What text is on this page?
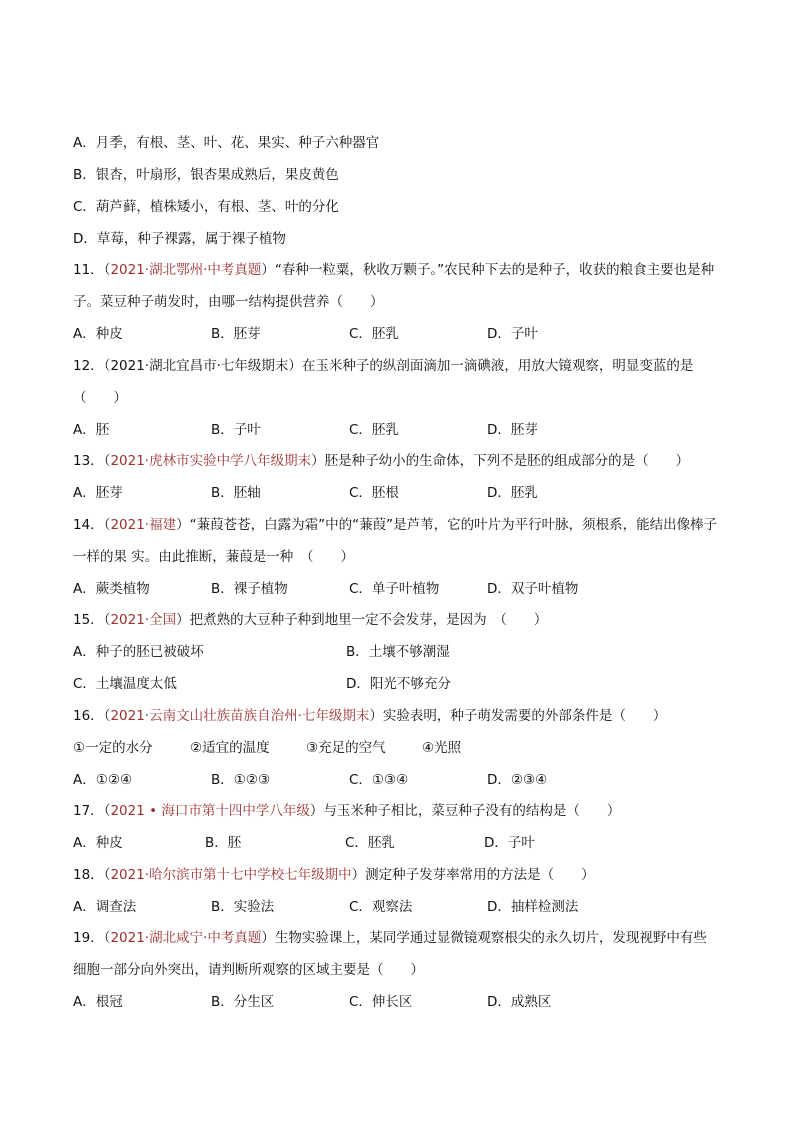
A．月季，有根、茎、叶、花、果实、种子六种器官
B．银杏，叶扇形，银杏果成熟后，果皮黄色
C．葫芦藓，植株矮小，有根、茎、叶的分化
D．草莓，种子裸露，属于裸子植物
11．（2021·湖北鄂州·中考真题）“春种一粒粟，秋收万颗子。”农民种下去的是种子，收获的粮食主要也是种
子。菜豆种子萌发时，由哪一结构提供营养（　　）
A．种皮	B．胚芽	C．胚乳	D．子叶
12．（2021·湖北宜昌市·七年级期末）在玉米种子的纵剖面滴加一滴碘液，用放大镜观察，明显变蓝的是
（　　）
A．胚	B．子叶	C．胚乳	D．胚芽
13．（2021·虎林市实验中学八年级期末）胚是种子幼小的生命体，下列不是胚的组成部分的是（　　）
A．胚芽	B．胚轴	C．胚根	D．胚乳
14．（2021·福建）“蒹葭苍苍，白露为霜”中的“蒹葭”是芦苇，它的叶片为平行叶脉，须根系，能结出像棒子
一样的果 实。由此推断，蒹葭是一种　（　　）
A．蕨类植物	B．裸子植物	C．单子叶植物	D．双子叶植物
15．（2021·全国）把煮熟的大豆种子种到地里一定不会发芽，是因为　（　　）
A．种子的胚已被破坏	B．土壤不够潮湿
C．土壤温度太低	D．阳光不够充分
16．（2021·云南文山壮族苗族自治州·七年级期末）实验表明，种子萌发需要的外部条件是（　　）
①一定的水分	②适宜的温度	③充足的空气	④光照
A．①②④	B．①②③	C．①③④	D．②③④
17．（2021 • 海口市第十四中学八年级）与玉米种子相比，菜豆种子没有的结构是（　　）
A．种皮	B．胚	C．胚乳	D．子叶
18．（2021·哈尔滨市第十七中学校七年级期中）测定种子发芽率常用的方法是（　　）
A．调查法	B．实验法	C．观察法	D．抽样检测法
19．（2021·湖北咸宁·中考真题）生物实验课上，某同学通过显微镜观察根尖的永久切片，发现视野中有些
细胞一部分向外突出，请判断所观察的区域主要是（　　）
A．根冠	B．分生区	C．伸长区	D．成熟区
